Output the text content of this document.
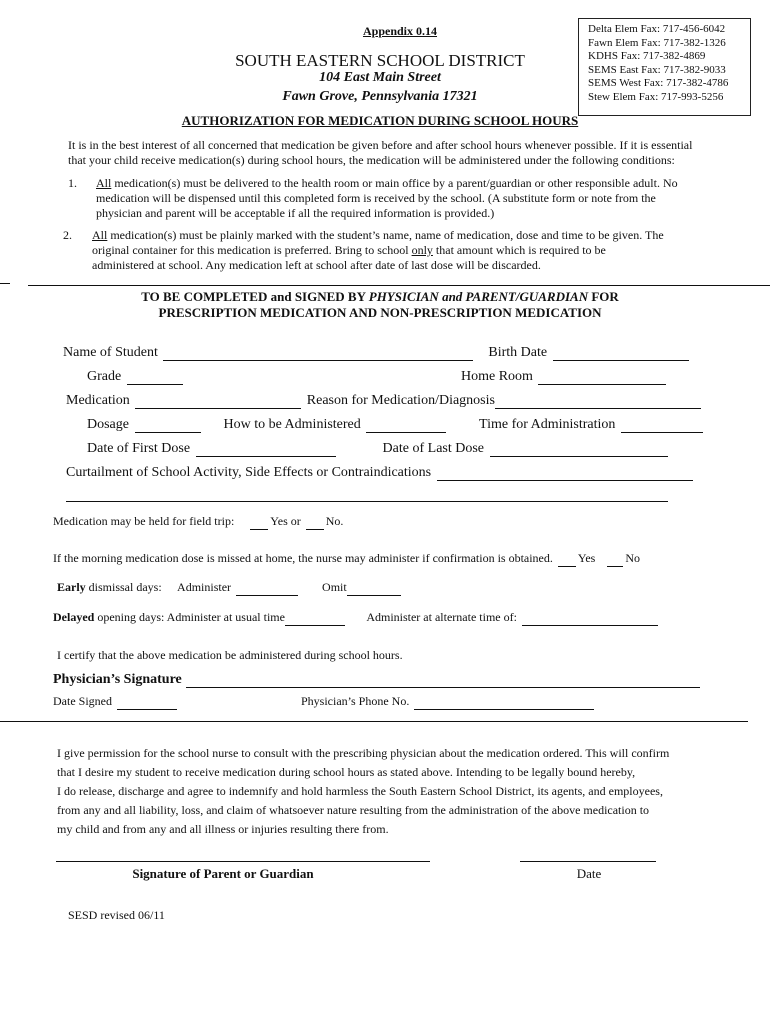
Appendix 0.14
SOUTH EASTERN SCHOOL DISTRICT
104 East Main Street
Fawn Grove, Pennsylvania 17321
Delta Elem Fax: 717-456-6042
Fawn Elem Fax: 717-382-1326
KDHS Fax: 717-382-4869
SEMS East Fax: 717-382-9033
SEMS West Fax: 717-382-4786
Stew Elem Fax: 717-993-5256
AUTHORIZATION FOR MEDICATION DURING SCHOOL HOURS
It is in the best interest of all concerned that medication be given before and after school hours whenever possible. If it is essential
that your child receive medication(s) during school hours, the medication will be administered under the following conditions:
1. All medication(s) must be delivered to the health room or main office by a parent/guardian or other responsible adult. No
medication will be dispensed until this completed form is received by the school. (A substitute form or note from the
physician and parent will be acceptable if all the required information is provided.)
2. All medication(s) must be plainly marked with the student’s name, name of medication, dose and time to be given. The
original container for this medication is preferred. Bring to school only that amount which is required to be
administered at school. Any medication left at school after date of last dose will be discarded.
TO BE COMPLETED and SIGNED BY PHYSICIAN and PARENT/GUARDIAN FOR
PRESCRIPTION MEDICATION AND NON-PRESCRIPTION MEDICATION
Name of Student	Birth Date
Grade	Home Room
Medication	Reason for Medication/Diagnosis
Dosage	How to be Administered	Time for Administration
Date of First Dose	Date of Last Dose
Curtailment of School Activity, Side Effects or Contraindications
Medication may be held for field trip:	Yes or No.
If the morning medication dose is missed at home, the nurse may administer if confirmation is obtained. Yes	No
Early dismissal days: Administer	Omit
Delayed opening days: Administer at usual time	Administer at alternate time of:
I certify that the above medication be administered during school hours.
Physician’s Signature
Date Signed	Physician’s Phone No.
I give permission for the school nurse to consult with the prescribing physician about the medication ordered. This will confirm
that I desire my student to receive medication during school hours as stated above. Intending to be legally bound hereby,
I do release, discharge and agree to indemnify and hold harmless the South Eastern School District, its agents, and employees,
from any and all liability, loss, and claim of whatsoever nature resulting from the administration of the above medication to
my child and from any and all illness or injuries resulting there from.
Signature of Parent or Guardian	Date
SESD revised 06/11
